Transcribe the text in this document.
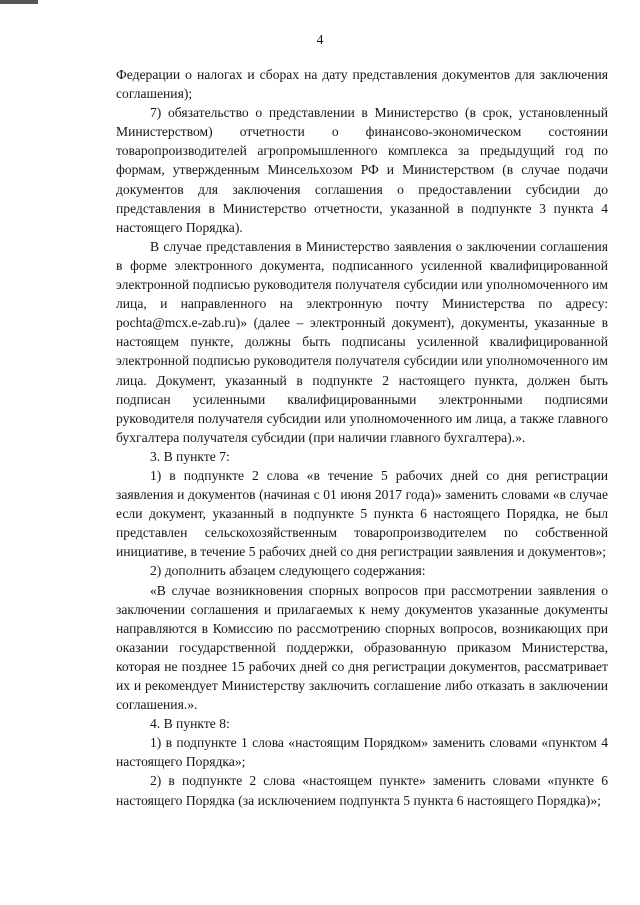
4

Федерации о налогах и сборах на дату представления документов для заключения соглашения);

7) обязательство о представлении в Министерство (в срок, установленный Министерством) отчетности о финансово-экономическом состоянии товаропроизводителей агропромышленного комплекса за предыдущий год по формам, утвержденным Минсельхозом РФ и Министерством (в случае подачи документов для заключения соглашения о предоставлении субсидии до представления в Министерство отчетности, указанной в подпункте 3 пункта 4 настоящего Порядка).

В случае представления в Министерство заявления о заключении соглашения в форме электронного документа, подписанного усиленной квалифицированной электронной подписью руководителя получателя субсидии или уполномоченного им лица, и направленного на электронную почту Министерства по адресу: pochta@mcx.e-zab.ru)» (далее – электронный документ), документы, указанные в настоящем пункте, должны быть подписаны усиленной квалифицированной электронной подписью руководителя получателя субсидии или уполномоченного им лица. Документ, указанный в подпункте 2 настоящего пункта, должен быть подписан усиленными квалифицированными электронными подписями руководителя получателя субсидии или уполномоченного им лица, а также главного бухгалтера получателя субсидии (при наличии главного бухгалтера).».

3. В пункте 7:

1) в подпункте 2 слова «в течение 5 рабочих дней со дня регистрации заявления и документов (начиная с 01 июня 2017 года)» заменить словами «в случае если документ, указанный в подпункте 5 пункта 6 настоящего Порядка, не был представлен сельскохозяйственным товаропроизводителем по собственной инициативе, в течение 5 рабочих дней со дня регистрации заявления и документов»;

2) дополнить абзацем следующего содержания:

«В случае возникновения спорных вопросов при рассмотрении заявления о заключении соглашения и прилагаемых к нему документов указанные документы направляются в Комиссию по рассмотрению спорных вопросов, возникающих при оказании государственной поддержки, образованную приказом Министерства, которая не позднее 15 рабочих дней со дня регистрации документов, рассматривает их и рекомендует Министерству заключить соглашение либо отказать в заключении соглашения.».

4. В пункте 8:

1) в подпункте 1 слова «настоящим Порядком» заменить словами «пунктом 4 настоящего Порядка»;

2) в подпункте 2 слова «настоящем пункте» заменить словами «пункте 6 настоящего Порядка (за исключением подпункта 5 пункта 6 настоящего Порядка)»;
